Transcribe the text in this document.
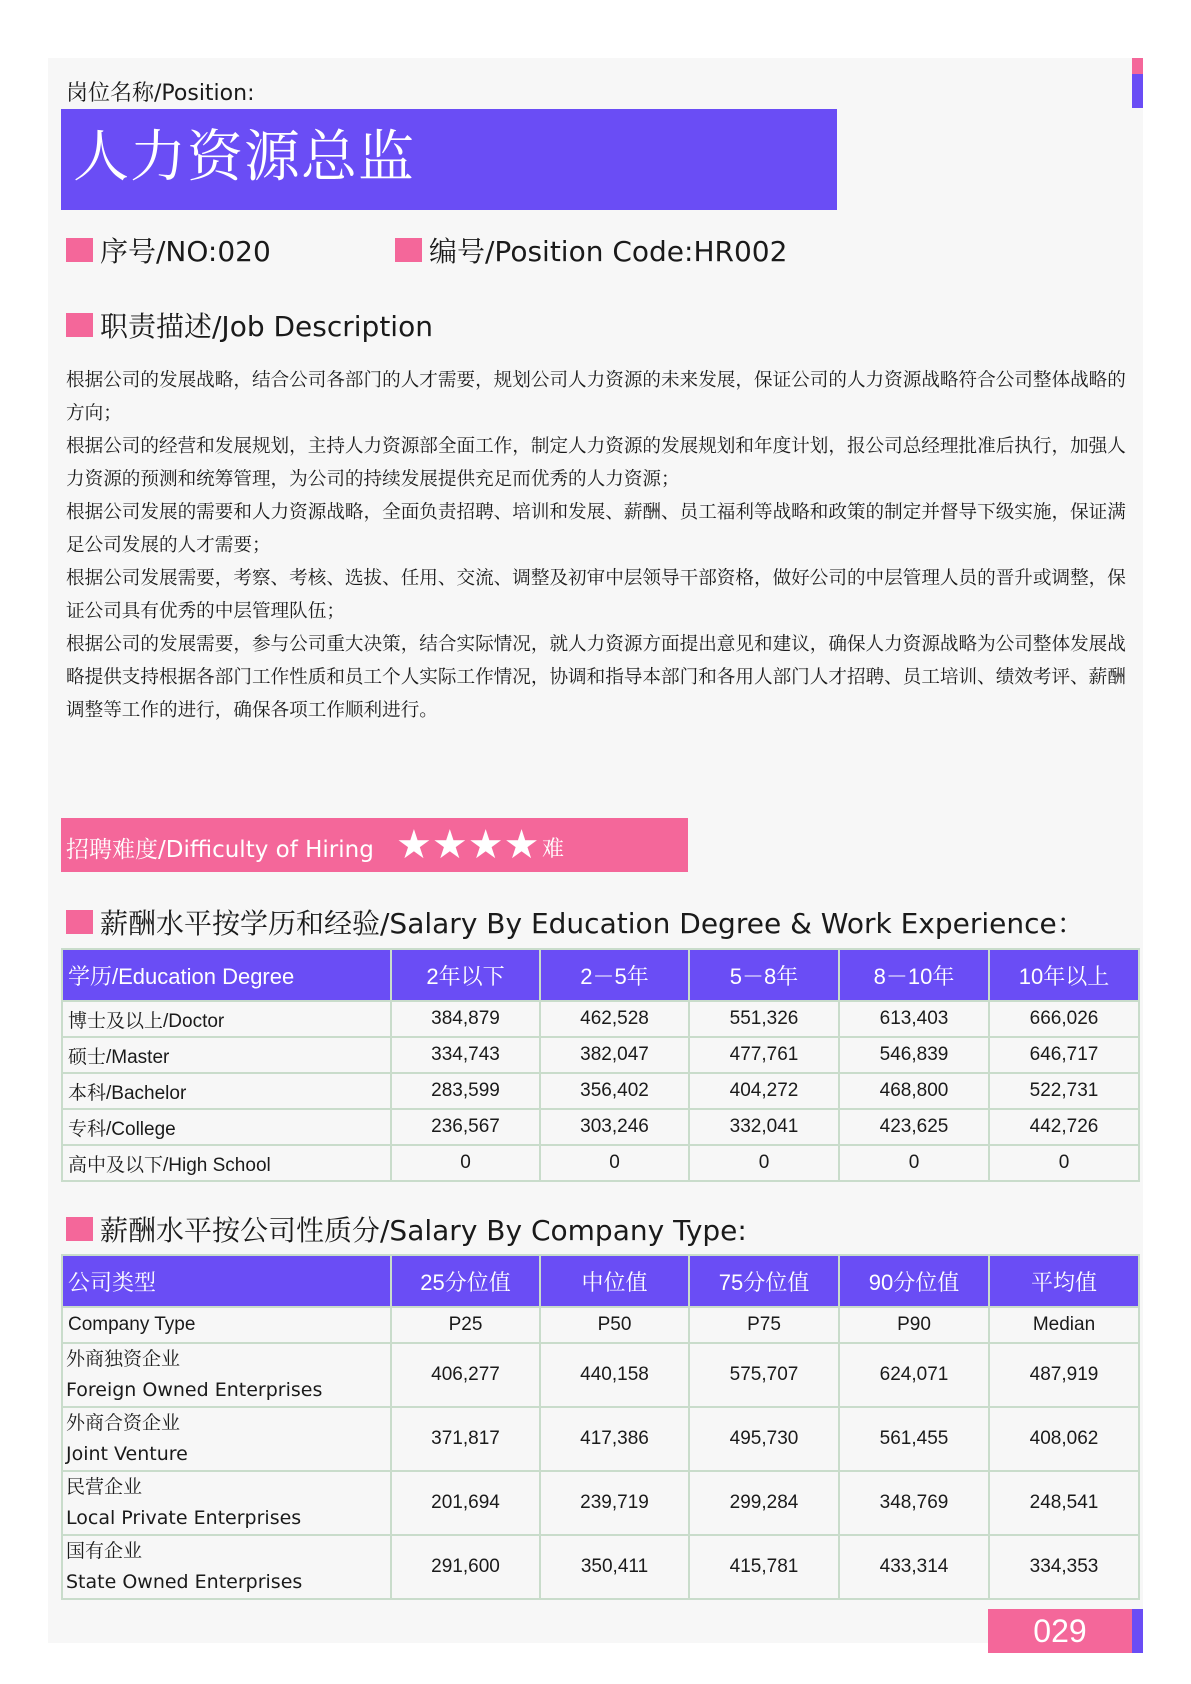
岗位名称/Position:
人力资源总监
序号/NO:020	编号/Position Code:HR002
职责描述/Job Description

根据公司的发展战略，结合公司各部门的人才需要，规划公司人力资源的未来发展，保证公司的人力资源战略符合公司整体战略的方向；

根据公司的经营和发展规划，主持人力资源部全面工作，制定人力资源的发展规划和年度计划，报公司总经理批准后执行，加强人力资源的预测和统筹管理，为公司的持续发展提供充足而优秀的人力资源；

根据公司发展的需要和人力资源战略，全面负责招聘、培训和发展、薪酬、员工福利等战略和政策的制定并督导下级实施，保证满足公司发展的人才需要；

根据公司发展需要，考察、考核、选拔、任用、交流、调整及初审中层领导干部资格，做好公司的中层管理人员的晋升或调整，保证公司具有优秀的中层管理队伍；

根据公司的发展需要，参与公司重大决策，结合实际情况，就人力资源方面提出意见和建议，确保人力资源战略为公司整体发展战略提供支持根据各部门工作性质和员工个人实际工作情况，协调和指导本部门和各用人部门人才招聘、员工培训、绩效考评、薪酬调整等工作的进行，确保各项工作顺利进行。

招聘难度/Difficulty of Hiring ★★★★ 难
薪酬水平按学历和经验/Salary By Education Degree & Work Experience：
学历/Education Degree	2年以下	2－5年	5－8年	8－10年	10年以上
博士及以上/Doctor	384,879	462,528	551,326	613,403	666,026
硕士/Master	334,743	382,047	477,761	546,839	646,717
本科/Bachelor	283,599	356,402	404,272	468,800	522,731
专科/College	236,567	303,246	332,041	423,625	442,726
高中及以下/High School	0	0	0	0	0
薪酬水平按公司性质分/Salary By Company Type:
公司类型	25分位值	中位值	75分位值	90分位值	平均值
Company Type	P25	P50	P75	P90	Median

外商独资企业
Foreign Owned Enterprises	406,277	440,158	575,707	624,071	487,919

外商合资企业
Joint Venture	371,817	417,386	495,730	561,455	408,062

民营企业
Local Private Enterprises	201,694	239,719	299,284	348,769	248,541

国有企业
State Owned Enterprises	291,600	350,411	415,781	433,314	334,353
029
